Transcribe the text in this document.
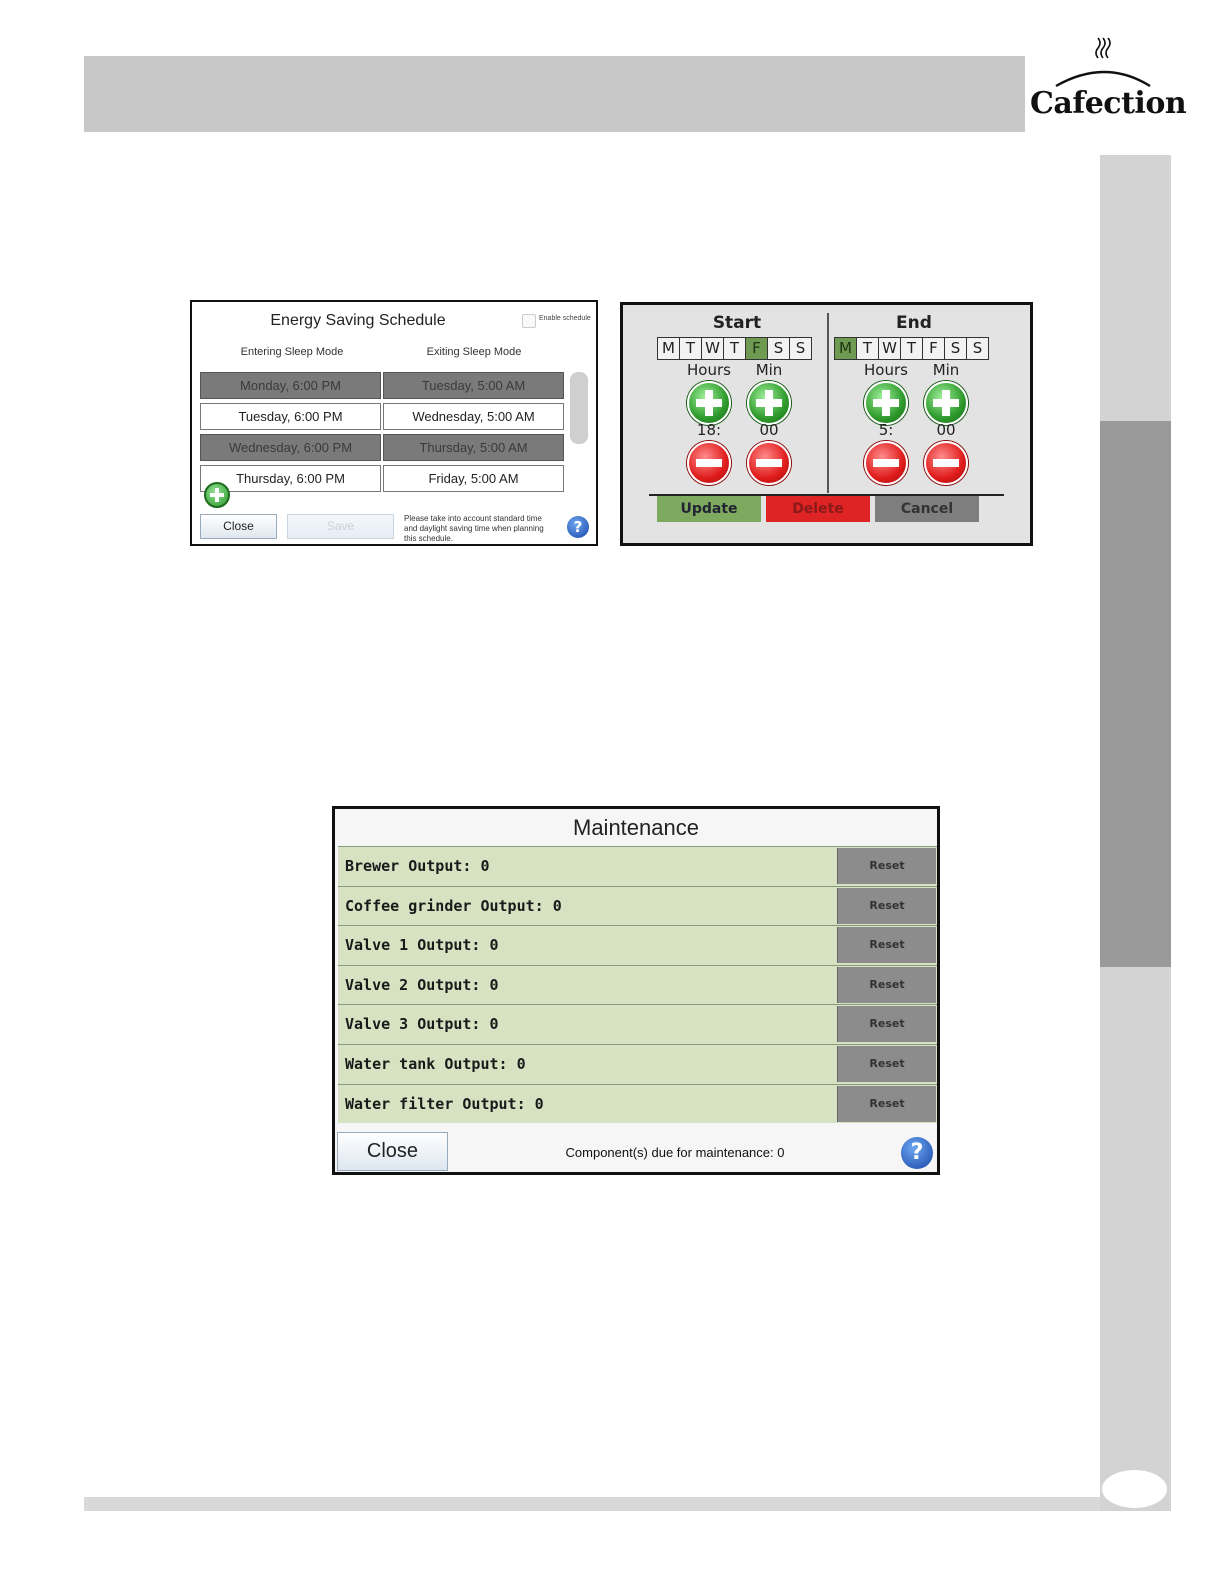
Cafection
Energy Saving Schedule	Enable schedule
Entering Sleep Mode	Exiting Sleep Mode
Monday, 6:00 PM	Tuesday, 5:00 AM
Tuesday, 6:00 PM	Wednesday, 5:00 AM
Wednesday, 6:00 PM	Thursday, 5:00 AM
Thursday, 6:00 PM	Friday, 5:00 AM
Close	Save
Please take into account standard time and daylight saving time when planning this schedule.
?
Start
M T W T F S S
Hours	Min
18:	00
End
M T W T F S S
Hours	Min
5:	00
Update	Delete	Cancel
Maintenance
Brewer Output: 0	Reset
Coffee grinder Output: 0	Reset
Valve 1 Output: 0	Reset
Valve 2 Output: 0	Reset
Valve 3 Output: 0	Reset
Water tank Output: 0	Reset
Water filter Output: 0	Reset
Close	Component(s) due for maintenance: 0	?
